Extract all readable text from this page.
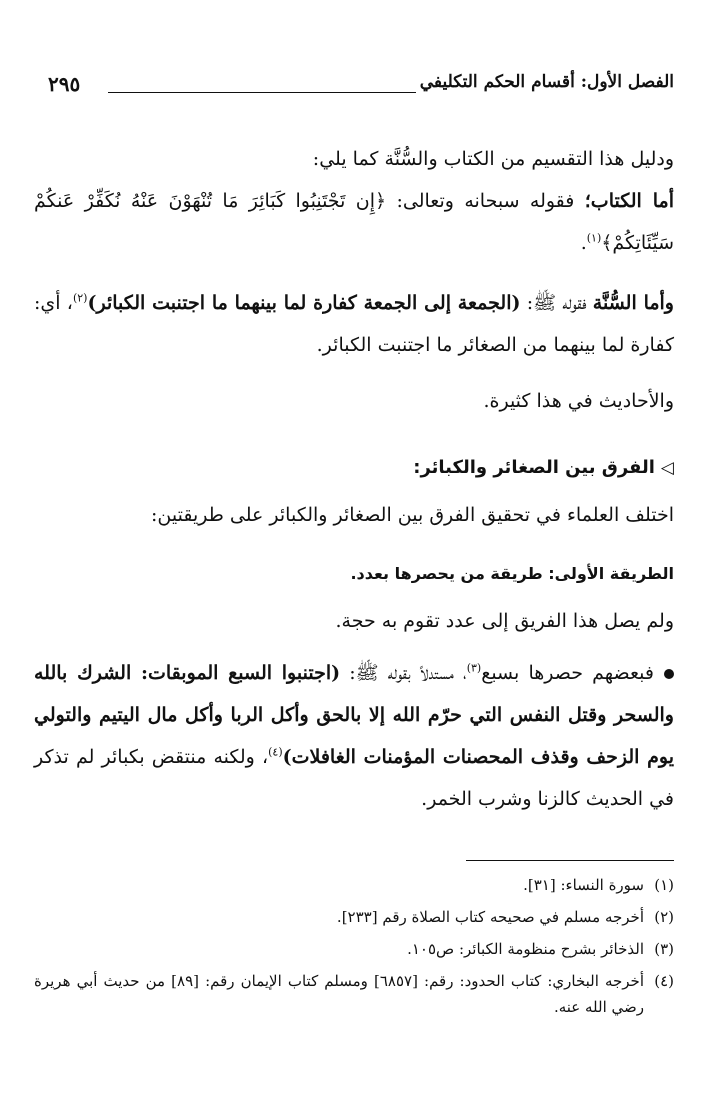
الفصل الأول: أقسام الحكم التكليفي
٢٩٥

ودليل هذا التقسيم من الكتاب والسُّنَّة كما يلي:

أما الكتاب؛ فقوله سبحانه وتعالى: ﴿إِن تَجْتَنِبُوا كَبَائِرَ مَا تُنْهَوْنَ عَنْهُ نُكَفِّرْ عَنكُمْ سَيِّئَاتِكُمْ﴾$^{(١)}$.

وأما السُّنَّة فقوله ﷺ: (الجمعة إلى الجمعة كفارة لما بينهما ما اجتنبت الكبائر)$^{(٢)}$، أي: كفارة لما بينهما من الصغائر ما اجتنبت الكبائر.

والأحاديث في هذا كثيرة.

◁الفرق بين الصغائر والكبائر:

اختلف العلماء في تحقيق الفرق بين الصغائر والكبائر على طريقتين:

الطريقة الأولى: طريقة من يحصرها بعدد.

ولم يصل هذا الفريق إلى عدد تقوم به حجة.

فبعضهم حصرها بسبع$^{(٣)}$، مستدلاً بقوله ﷺ: (اجتنبوا السبع الموبقات: الشرك بالله والسحر وقتل النفس التي حرّم الله إلا بالحق وأكل الربا وأكل مال اليتيم والتولي يوم الزحف وقذف المحصنات المؤمنات الغافلات)$^{(٤)}$، ولكنه منتقض بكبائر لم تذكر في الحديث كالزنا وشرب الخمر.

(١)
سورة النساء: [٣١].
(٢)
أخرجه مسلم في صحيحه كتاب الصلاة رقم [٢٣٣].
(٣)
الذخائر بشرح منظومة الكبائر: ص١٠٥.
(٤)
أخرجه البخاري: كتاب الحدود: رقم: [٦٨٥٧] ومسلم كتاب الإيمان رقم: [٨٩] من حديث أبي هريرة رضي الله عنه.
